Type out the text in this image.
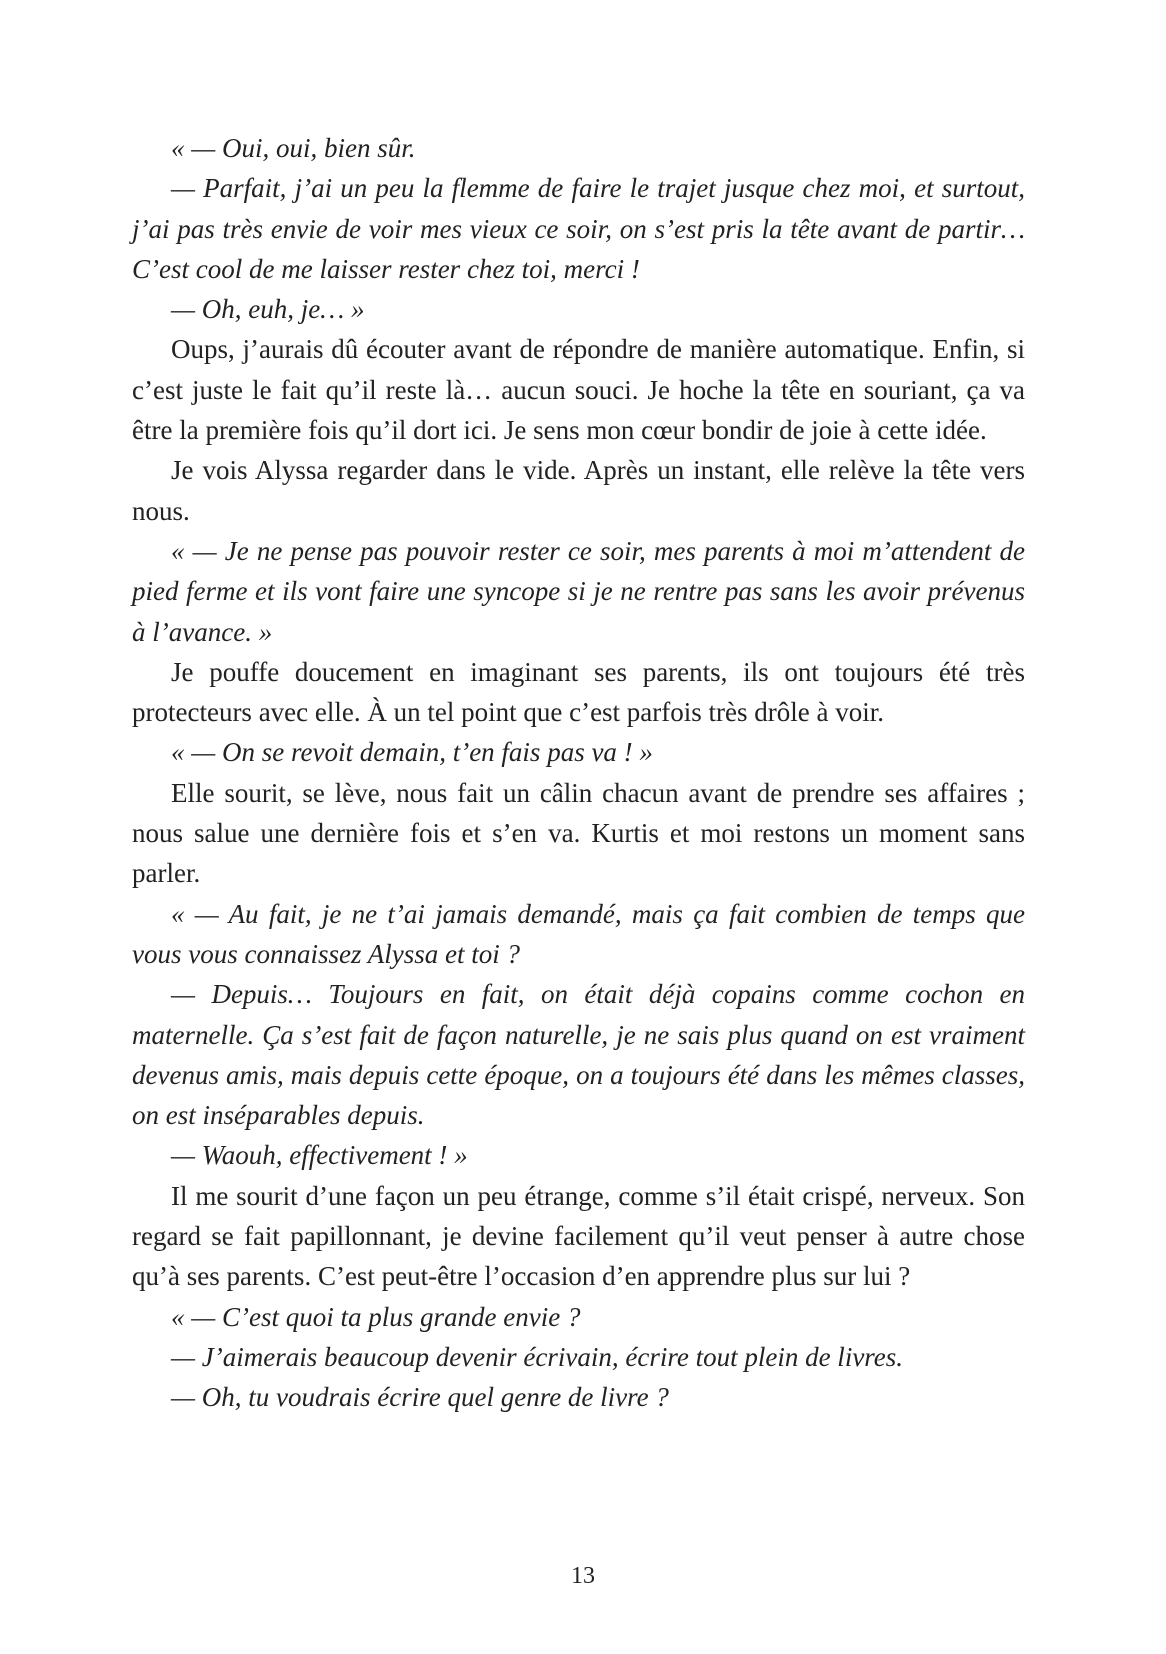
« — Oui, oui, bien sûr.

— Parfait, j’ai un peu la flemme de faire le trajet jusque chez moi, et surtout, j’ai pas très envie de voir mes vieux ce soir, on s’est pris la tête avant de partir… C’est cool de me laisser rester chez toi, merci !

— Oh, euh, je… »

Oups, j’aurais dû écouter avant de répondre de manière automatique. Enfin, si c’est juste le fait qu’il reste là… aucun souci. Je hoche la tête en souriant, ça va être la première fois qu’il dort ici. Je sens mon cœur bondir de joie à cette idée.

Je vois Alyssa regarder dans le vide. Après un instant, elle relève la tête vers nous.

« — Je ne pense pas pouvoir rester ce soir, mes parents à moi m’attendent de pied ferme et ils vont faire une syncope si je ne rentre pas sans les avoir prévenus à l’avance. »

Je pouffe doucement en imaginant ses parents, ils ont toujours été très protecteurs avec elle. À un tel point que c’est parfois très drôle à voir.

« — On se revoit demain, t’en fais pas va ! »

Elle sourit, se lève, nous fait un câlin chacun avant de prendre ses affaires ; nous salue une dernière fois et s’en va. Kurtis et moi restons un moment sans parler.

« — Au fait, je ne t’ai jamais demandé, mais ça fait combien de temps que vous vous connaissez Alyssa et toi ?

— Depuis… Toujours en fait, on était déjà copains comme cochon en maternelle. Ça s’est fait de façon naturelle, je ne sais plus quand on est vraiment devenus amis, mais depuis cette époque, on a toujours été dans les mêmes classes, on est inséparables depuis.

— Waouh, effectivement ! »

Il me sourit d’une façon un peu étrange, comme s’il était crispé, nerveux. Son regard se fait papillonnant, je devine facilement qu’il veut penser à autre chose qu’à ses parents. C’est peut-être l’occasion d’en apprendre plus sur lui ?

« — C’est quoi ta plus grande envie ?

— J’aimerais beaucoup devenir écrivain, écrire tout plein de livres.

— Oh, tu voudrais écrire quel genre de livre ?

13
